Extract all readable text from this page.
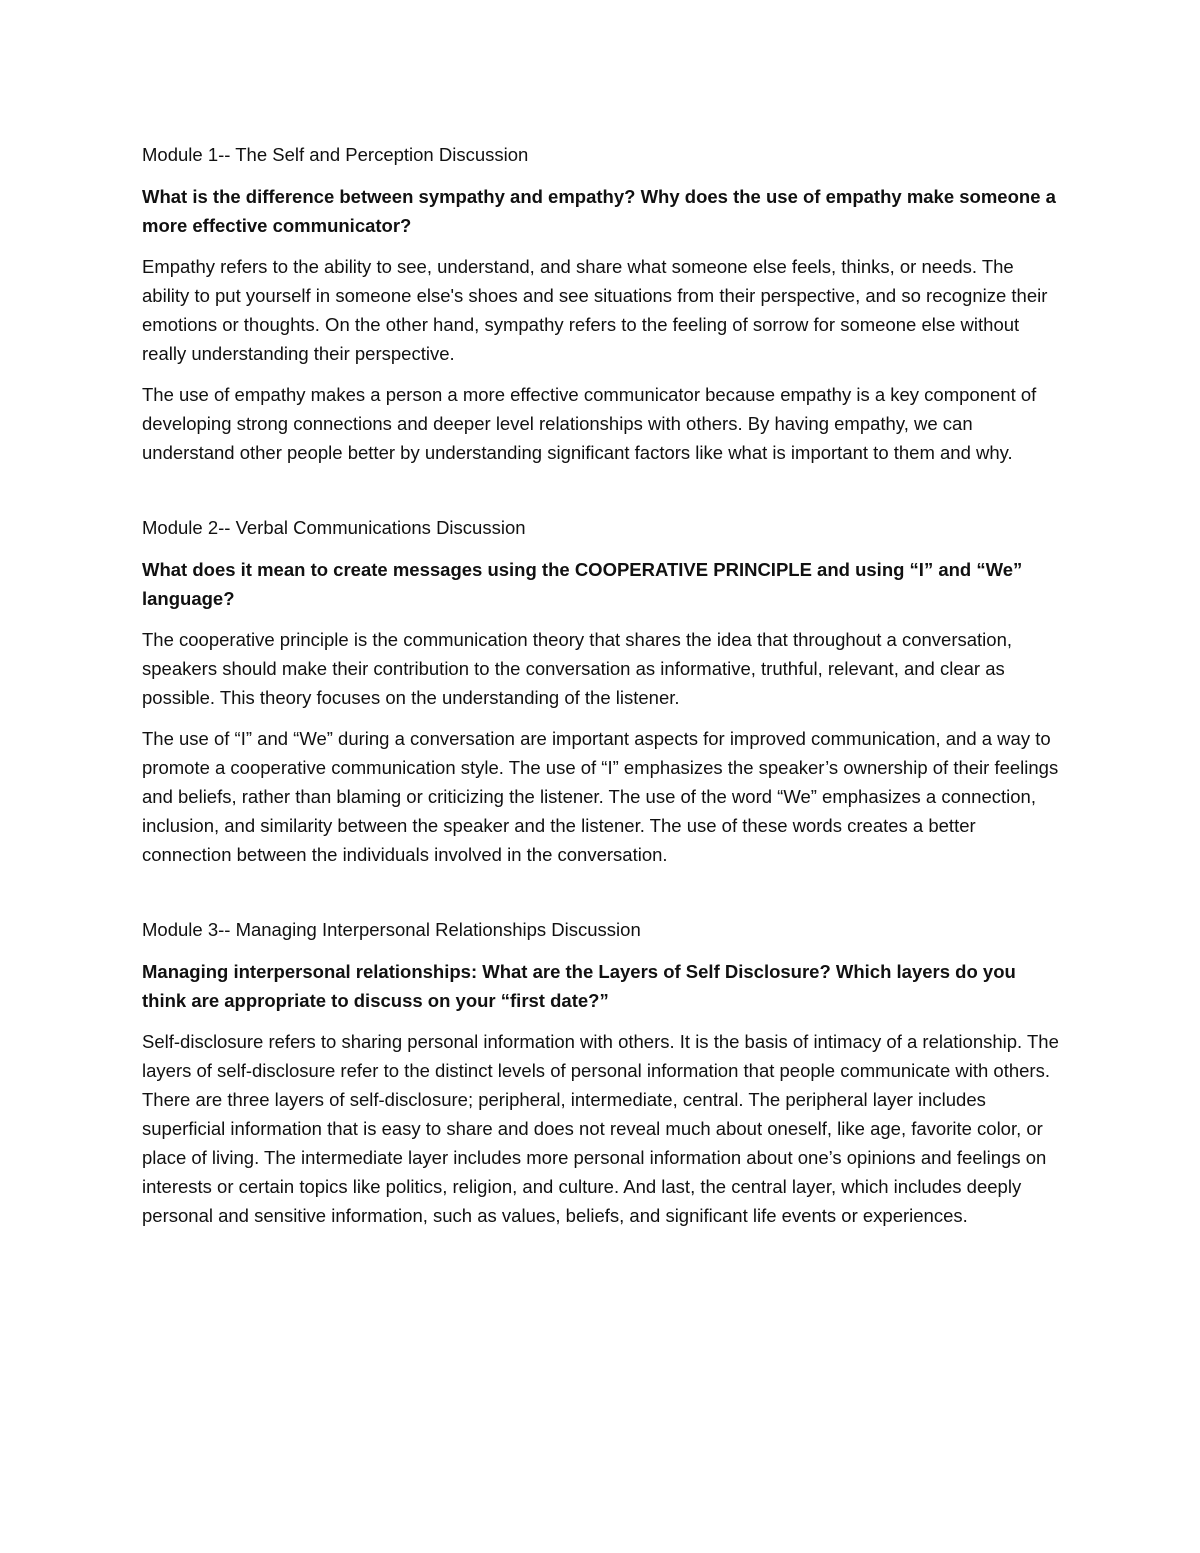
Module 1-- The Self and Perception Discussion

What is the difference between sympathy and empathy? Why does the use of empathy make someone a more effective communicator?

Empathy refers to the ability to see, understand, and share what someone else feels, thinks, or needs. The ability to put yourself in someone else's shoes and see situations from their perspective, and so recognize their emotions or thoughts. On the other hand, sympathy refers to the feeling of sorrow for someone else without really understanding their perspective.

The use of empathy makes a person a more effective communicator because empathy is a key component of developing strong connections and deeper level relationships with others. By having empathy, we can understand other people better by understanding significant factors like what is important to them and why.

Module 2-- Verbal Communications Discussion

What does it mean to create messages using the COOPERATIVE PRINCIPLE and using “I” and “We” language?

The cooperative principle is the communication theory that shares the idea that throughout a conversation, speakers should make their contribution to the conversation as informative, truthful, relevant, and clear as possible. This theory focuses on the understanding of the listener.

The use of “I” and “We” during a conversation are important aspects for improved communication, and a way to promote a cooperative communication style. The use of “I” emphasizes the speaker’s ownership of their feelings and beliefs, rather than blaming or criticizing the listener. The use of the word “We” emphasizes a connection, inclusion, and similarity between the speaker and the listener. The use of these words creates a better connection between the individuals involved in the conversation.

Module 3-- Managing Interpersonal Relationships Discussion

Managing interpersonal relationships: What are the Layers of Self Disclosure? Which layers do you think are appropriate to discuss on your “first date?”

Self-disclosure refers to sharing personal information with others. It is the basis of intimacy of a relationship. The layers of self-disclosure refer to the distinct levels of personal information that people communicate with others. There are three layers of self-disclosure; peripheral, intermediate, central. The peripheral layer includes superficial information that is easy to share and does not reveal much about oneself, like age, favorite color, or place of living. The intermediate layer includes more personal information about one’s opinions and feelings on interests or certain topics like politics, religion, and culture. And last, the central layer, which includes deeply personal and sensitive information, such as values, beliefs, and significant life events or experiences.
